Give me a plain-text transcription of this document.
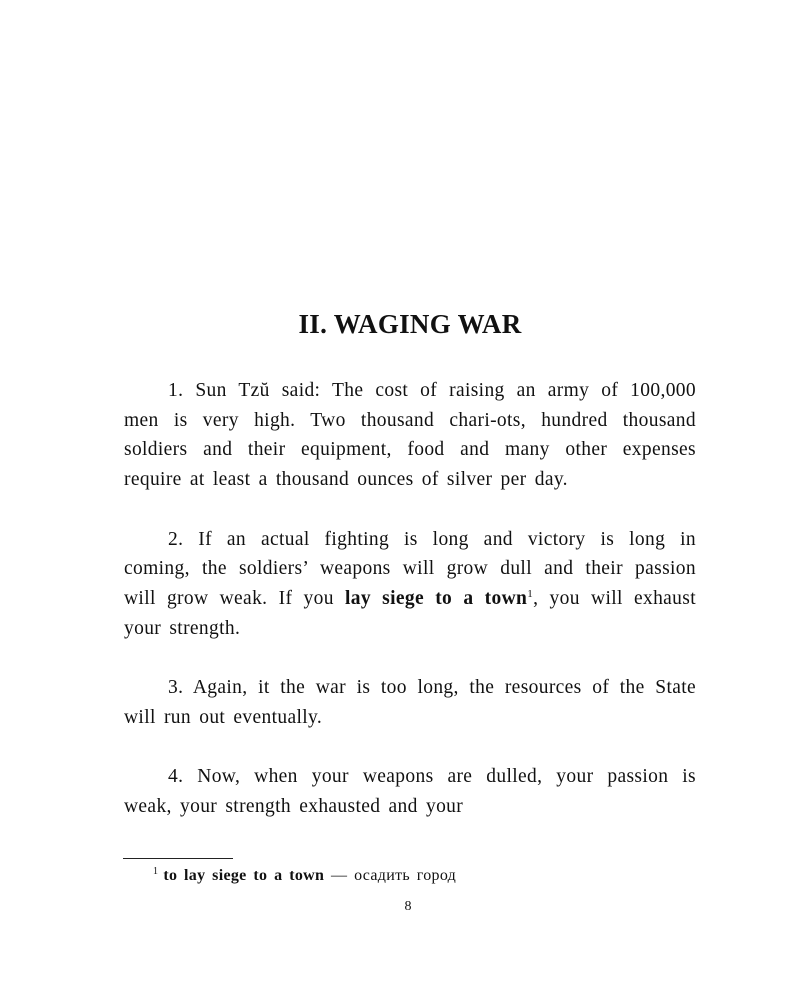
II. WAGING WAR

1. Sun Tzŭ said: The cost of raising an army of 100,000 men is very high. Two thousand chari-ots, hundred thousand soldiers and their equipment, food and many other expenses require at least a thousand ounces of silver per day.

2. If an actual fighting is long and victory is long in coming, the soldiers’ weapons will grow dull and their passion will grow weak. If you lay siege to a town$^1$, you will exhaust your strength.

3. Again, it the war is too long, the resources of the State will run out eventually.

4. Now, when your weapons are dulled, your passion is weak, your strength exhausted and your

$^1$ to lay siege to a town — осадить город
8
